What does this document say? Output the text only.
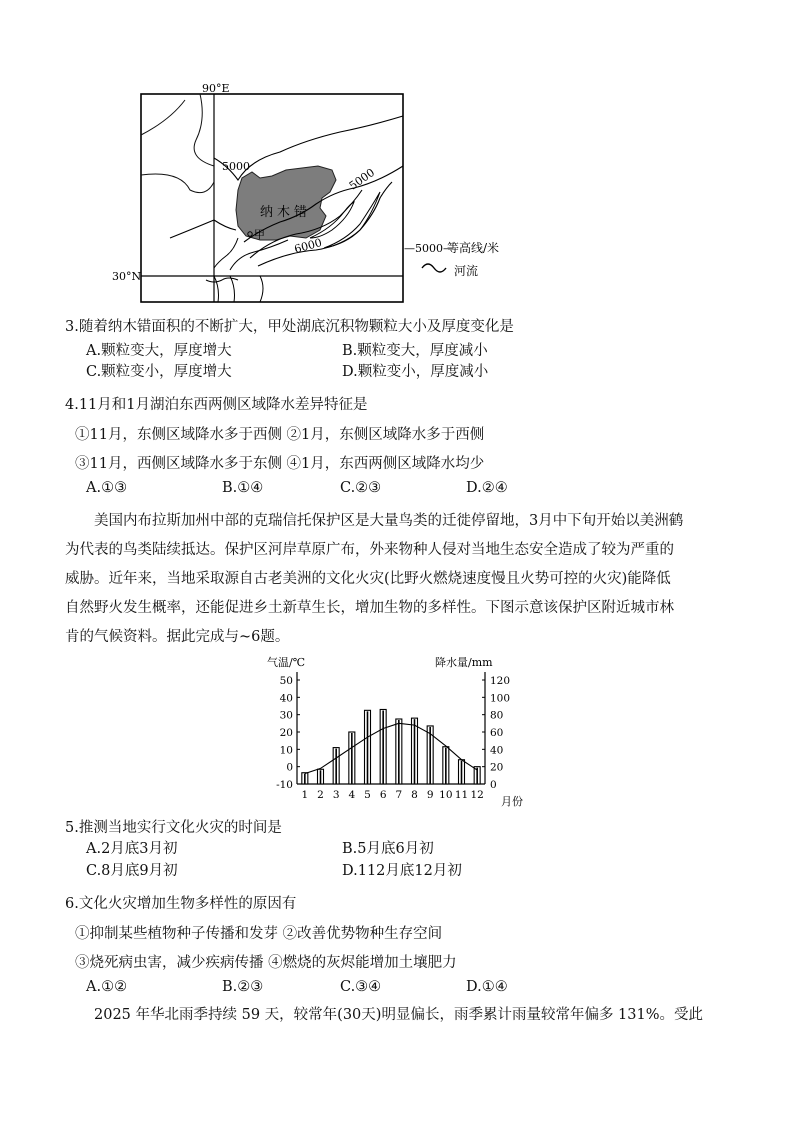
90°E
30°N
纳木错
甲
5000	5000
6000	—5000—
等高线/米
河流
3.随着纳木错面积的不断扩大，甲处湖底沉积物颗粒大小及厚度变化是
A.颗粒变大，厚度增大	B.颗粒变大，厚度减小
C.颗粒变小，厚度增大	D.颗粒变小，厚度减小
4.11月和1月湖泊东西两侧区域降水差异特征是
①11月，东侧区域降水多于西侧 ②1月，东侧区域降水多于西侧
③11月，西侧区域降水多于东侧 ④1月，东西两侧区域降水均少
A.①③	B.①④	C.②③	D.②④
美国内布拉斯加州中部的克瑞信托保护区是大量鸟类的迁徙停留地，3月中下旬开始以美洲鹤
为代表的鸟类陆续抵达。保护区河岸草原广布，外来物种人侵对当地生态安全造成了较为严重的
威胁。近年来，当地采取源自古老美洲的文化火灾(比野火燃烧速度慢且火势可控的火灾)能降低
自然野火发生概率，还能促进乡土新草生长，增加生物的多样性。下图示意该保护区附近城市林
肯的气候资料。据此完成与~6题。
气温/℃	降水量/mm
月份
50
40
30
20
10
0
-10
120
100
80
60
40
20
0
1 2 3 4 5 6 7 8 9 10 11 12
5.推测当地实行文化火灾的时间是
A.2月底3月初	B.5月底6月初
C.8月底9月初	D.112月底12月初
6.文化火灾增加生物多样性的原因有
①抑制某些植物种子传播和发芽 ②改善优势物种生存空间
③烧死病虫害，减少疾病传播 ④燃烧的灰烬能增加土壤肥力
A.①②	B.②③	C.③④	D.①④
2025 年华北雨季持续 59 天，较常年(30天)明显偏长，雨季累计雨量较常年偏多 131%。受此
